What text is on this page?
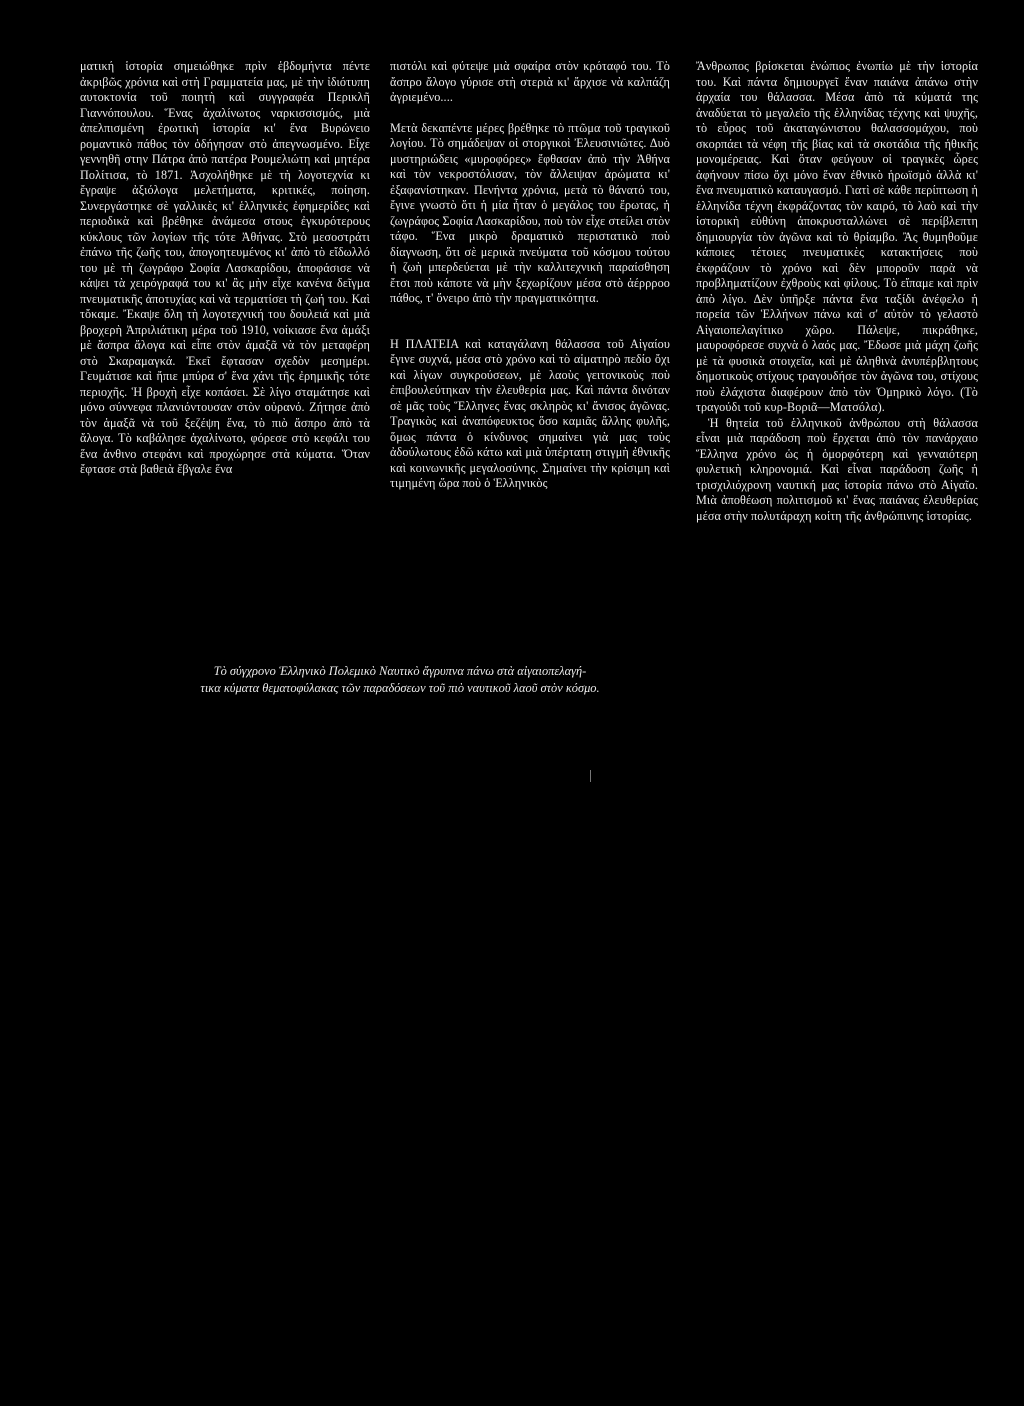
ματική ἱστορία σημειώθηκε πρὶν ἑβδομήντα πέντε ἀκριβῶς χρόνια καὶ στὴ Γραμματεία μας, μὲ τὴν ἰδιότυπη αυτοκτονία τοῦ ποιητὴ καὶ συγγραφέα Περικλῆ Γιαννόπουλου. Ἕνας ἀχαλίνωτος ναρκισσισμός, μιὰ ἀπελπισμένη ἐρωτικὴ ἱστορία κι' ἕνα Βυρώνειο ρομαντικὸ πάθος τὸν ὁδήγησαν στὸ ἀπεγνωσμένο. Εἶχε γεννηθῆ στην Πάτρα ἀπὸ πατέρα Ρουμελιώτη καὶ μητέρα Πολίτισα, τὸ 1871. Ἀσχολήθηκε μὲ τὴ λογοτεχνία κι ἔγραψε ἀξιόλογα μελετήματα, κριτικές, ποίηση. Συνεργάστηκε σὲ γαλλικὲς κι' ἑλληνικὲς ἐφημερίδες καὶ περιοδικὰ καὶ βρέθηκε ἀνάμεσα στους ἐγκυρότερους κύκλους τῶν λογίων τῆς τότε Ἀθήνας. Στὸ μεσοστράτι ἐπάνω τῆς ζωῆς του, ἀπογοητευμένος κι' ἀπὸ τὸ εἴδωλλό του μὲ τὴ ζωγράφο Σοφία Λασκαρίδου, ἀποφάσισε νὰ κάψει τὰ χειρόγραφά του κι' ἂς μὴν εἶχε κανένα δεῖγμα πνευματικῆς ἀποτυχίας καὶ νὰ τερματίσει τὴ ζωή του. Καὶ τὄκαμε. Ἔκαψε ὅλη τὴ λογοτεχνική του δουλειά καὶ μιὰ βροχερὴ Ἀπριλιάτικη μέρα τοῦ 1910, νοίκιασε ἕνα ἁμάξι μὲ ἄσπρα ἄλογα καὶ εἶπε στὸν ἁμαξᾶ νὰ τὸν μεταφέρη στὸ Σκαραμαγκά. Ἐκεῖ ἔφτασαν σχεδὸν μεσημέρι. Γευμάτισε καὶ ἤπιε μπύρα σ' ἕνα χάνι τῆς ἐρημικῆς τότε περιοχῆς. Ἡ βροχὴ εἶχε κοπάσει. Σὲ λίγο σταμάτησε καὶ μόνο σύννεφα πλανιόντουσαν στὸν οὐρανό. Ζήτησε ἀπὸ τὸν ἁμαξᾶ νὰ τοῦ ξεζέψη ἕνα, τὸ πιὸ ἄσπρο ἀπὸ τὰ ἄλογα. Τὸ καβάλησε ἀχαλίνωτο, φόρεσε στὸ κεφάλι του ἕνα ἀνθινο στεφάνι καὶ προχώρησε στὰ κύματα. Ὅταν ἔφτασε στὰ βαθειὰ ἔβγαλε ἕνα

πιστόλι καὶ φύτεψε μιὰ σφαίρα στὸν κρόταφό του. Τὸ ἄσπρο ἄλογο γύρισε στὴ στεριὰ κι' ἄρχισε νὰ καλπάζη ἀγριεμένο....

Μετὰ δεκαπέντε μέρες βρέθηκε τὸ πτῶμα τοῦ τραγικοῦ λογίου. Τὸ σημάδεψαν οἱ στοργικοὶ Ἐλευσινιῶτες. Δυὸ μυστηριώδεις «μυροφόρες» ἔφθασαν ἀπὸ τὴν Ἀθήνα καὶ τὸν νεκροστόλισαν, τὸν ἄλλειψαν ἀρώματα κι' ἐξαφανίστηκαν. Πενήντα χρόνια, μετὰ τὸ θάνατό του, ἔγινε γνωστὸ ὅτι ἡ μία ἦταν ὁ μεγάλος του ἔρωτας, ἡ ζωγράφος Σοφία Λασκαρίδου, ποὺ τὸν εἶχε στείλει στὸν τάφο. Ἕνα μικρὸ δραματικὸ περιστατικὸ ποὺ δίαγνωση, ὅτι σὲ μερικὰ πνεύματα τοῦ κόσμου τούτου ἡ ζωὴ μπερδεύεται μὲ τὴν καλλιτεχνικὴ παραίσθηση ἔτσι ποὺ κάποτε νὰ μὴν ξεχωρίζουν μέσα στὸ ἀέρρροο πάθος, τ' ὄνειρο ἀπὸ τὴν πραγματικότητα.

Η ΠΛΑΤΕΙΑ καὶ καταγάλανη θάλασσα τοῦ Αἰγαίου ἔγινε συχνά, μέσα στὸ χρόνο καὶ τὸ αἱματηρὸ πεδίο ὄχι καὶ λίγων συγκρούσεων, μὲ λαοὺς γειτονικοὺς ποὺ ἐπιβουλεύτηκαν τὴν ἐλευθερία μας. Καὶ πάντα δινόταν σὲ μᾶς τοὺς Ἕλληνες ἕνας σκληρὸς κι' ἄνισος ἀγῶνας. Τραγικὸς καὶ ἀναπόφευκτος ὅσο καμιᾶς ἄλλης φυλῆς, ὅμως πάντα ὁ κίνδυνος σημαίνει γιὰ μας τοὺς ἀδούλωτους ἐδῶ κάτω καὶ μιὰ ὑπέρτατη στιγμὴ ἐθνικῆς καὶ κοινωνικῆς μεγαλοσύνης. Σημαίνει τὴν κρίσιμη καὶ τιμημένη ὥρα ποὺ ὁ Ἑλληνικὸς

Ἄνθρωπος βρίσκεται ἐνώπιος ἐνωπίω μὲ τὴν ἱστορία του. Καὶ πάντα δημιουργεῖ ἕναν παιάνα ἀπάνω στὴν ἀρχαία του θάλασσα. Μέσα ἀπὸ τὰ κύματά της ἀναδύεται τὸ μεγαλεῖο τῆς ἑλληνίδας τέχνης καὶ ψυχῆς, τὸ εὖρος τοῦ ἀκαταγώνιστου θαλασσομάχου, ποὺ σκορπάει τὰ νέφη τῆς βίας καὶ τὰ σκοτάδια τῆς ἡθικῆς μονομέρειας. Καὶ ὅταν φεύγουν οἱ τραγικὲς ὧρες ἀφήνουν πίσω ὄχι μόνο ἕναν ἐθνικὸ ἡρωϊσμὸ ἀλλὰ κι' ἕνα πνευματικὸ καταυγασμό. Γιατὶ σὲ κάθε περίπτωση ἡ ἑλληνίδα τέχνη ἐκφράζοντας τὸν καιρό, τὸ λαὸ καὶ τὴν ἱστορικὴ εὐθύνη ἀποκρυσταλλώνει σὲ περίβλεπτη δημιουργία τὸν ἀγῶνα καὶ τὸ θρίαμβο. Ἂς θυμηθοῦμε κάποιες τέτοιες πνευματικὲς κατακτήσεις ποὺ ἐκφράζουν τὸ χρόνο καὶ δὲν μποροῦν παρὰ νὰ προβληματίζουν ἐχθροὺς καὶ φίλους. Τὸ εἴπαμε καὶ πρὶν ἀπὸ λίγο. Δὲν ὑπῆρξε πάντα ἕνα ταξίδι ἀνέφελο ἡ πορεία τῶν Ἑλλήνων πάνω καὶ σ' αὐτὸν τὸ γελαστὸ Αἰγαιοπελαγίτικο χῶρο. Πάλεψε, πικράθηκε, μαυροφόρεσε συχνὰ ὁ λαός μας. Ἔδωσε μιὰ μάχη ζωῆς μὲ τὰ φυσικὰ στοιχεῖα, καὶ μὲ ἀληθινὰ ἀνυπέρβλητους δημοτικοὺς στίχους τραγουδήσε τὸν ἀγῶνα του, στίχους ποὺ ἐλάχιστα διαφέρουν ἀπὸ τὸν Ὁμηρικὸ λόγο. (Τὸ τραγούδι τοῦ κυρ-Βοριᾶ—Ματσόλα).

Ἡ θητεία τοῦ ἑλληνικοῦ ἀνθρώπου στὴ θάλασσα εἶναι μιὰ παράδοση ποὺ ἔρχεται ἀπὸ τὸν πανάρχαιο Ἕλληνα χρόνο ὡς ἡ ὁμορφότερη καὶ γενναιότερη φυλετικὴ κληρονομιά. Καὶ εἶναι παράδοση ζωῆς ἡ τρισχιλιόχρονη ναυτική μας ἱστορία πάνω στὸ Αἰγαῖο. Μιὰ ἀποθέωση πολιτισμοῦ κι' ἕνας παιάνας ἐλευθερίας μέσα στὴν πολυτάραχη κοίτη τῆς ἀνθρώπινης ἱστορίας.

Τὸ σύγχρονο Ἑλληνικὸ Πολεμικὸ Ναυτικὸ ἄγρυπνα πάνω στὰ αἰγαιοπελαγή-
τικα κύματα θεματοφύλακας τῶν παραδόσεων τοῦ πιὸ ναυτικοῦ λαοῦ στὸν κόσμο.
